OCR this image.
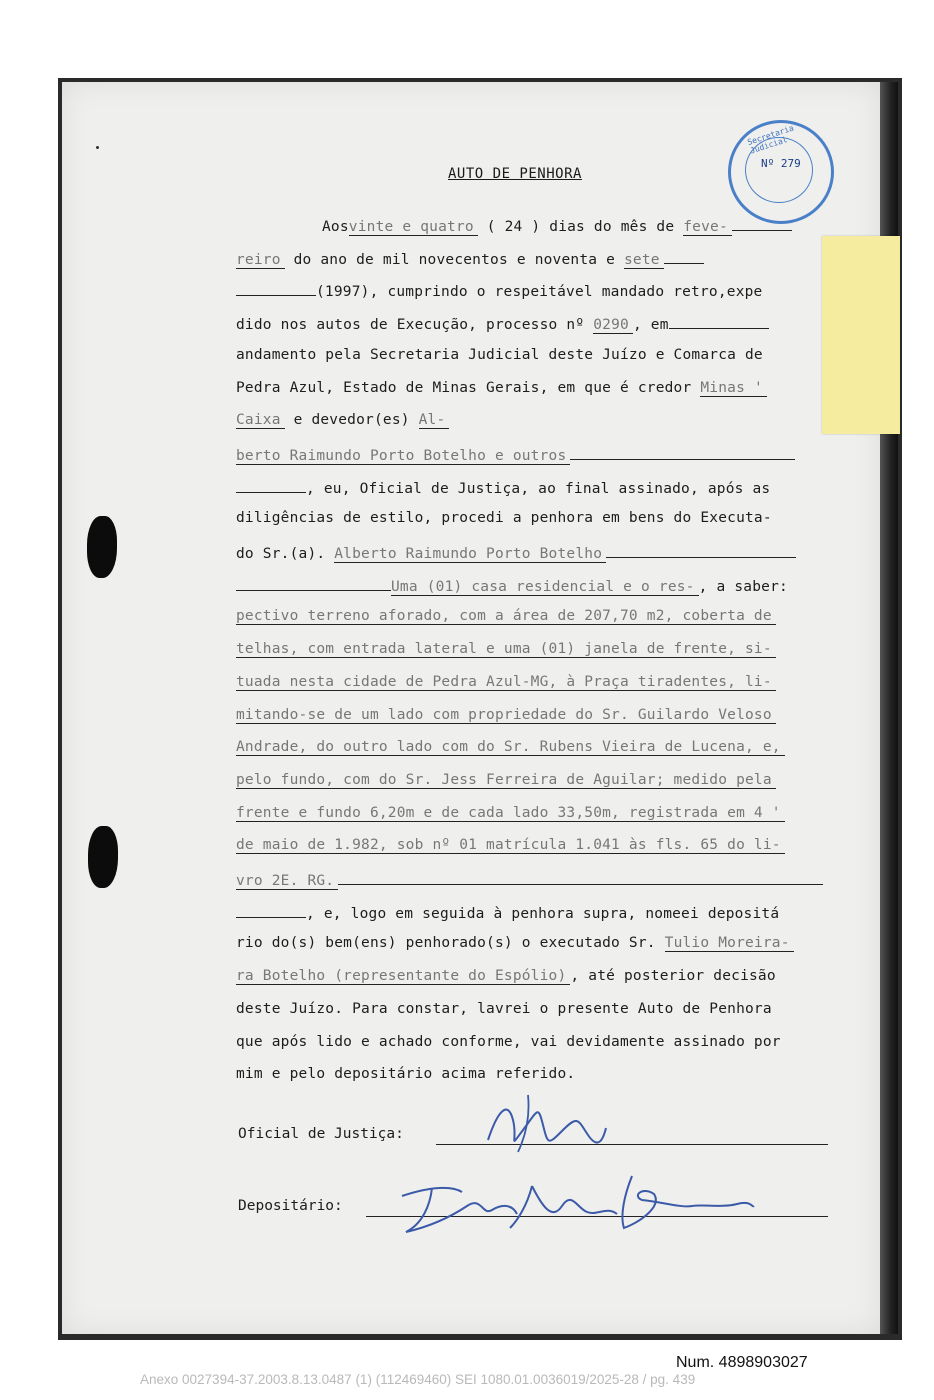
Secretaria Judicial
Nº 279
AUTO DE PENHORA
Aosvinte e quatro ( 24 ) dias do mês de feve-
reiro do ano de mil novecentos e noventa e sete
(1997), cumprindo o respeitável mandado retro,expe
dido nos autos de Execução, processo nº 0290 , em
andamento pela Secretaria Judicial deste Juízo e Comarca de
Pedra Azul, Estado de Minas Gerais, em que é credor Minas '
Caixa e devedor(es) Al-
berto Raimundo Porto Botelho e outros
, eu, Oficial de Justiça, ao final assinado, após as
diligências de estilo, procedi a penhora em bens do Executa-
do Sr.(a). Alberto Raimundo Porto Botelho
Uma (01) casa residencial e o res- , a saber:
pectivo terreno aforado, com a área de 207,70 m2, coberta de
telhas, com entrada lateral e uma (01) janela de frente, si-
tuada nesta cidade de Pedra Azul-MG, à Praça tiradentes, li-
mitando-se de um lado com propriedade do Sr. Guilardo Veloso
Andrade, do outro lado com do Sr. Rubens Vieira de Lucena, e,
pelo fundo, com do Sr. Jess Ferreira de Aguilar; medido pela
frente e fundo 6,20m e de cada lado 33,50m, registrada em 4 '
de maio de 1.982, sob nº 01 matrícula 1.041 às fls. 65 do li-
vro 2E. RG.
, e, logo em seguida à penhora supra, nomeei depositá
rio do(s) bem(ens) penhorado(s) o executado Sr. Tulio Moreira-
ra Botelho (representante do Espólio) , até posterior decisão
deste Juízo. Para constar, lavrei o presente Auto de Penhora
que após lido e achado conforme, vai devidamente assinado por
mim e pelo depositário acima referido.
Oficial de Justiça:
Depositário:
Num. 4898903027
Anexo 0027394-37.2003.8.13.0487 (1) (112469460) SEI 1080.01.0036019/2025-28 / pg. 439
